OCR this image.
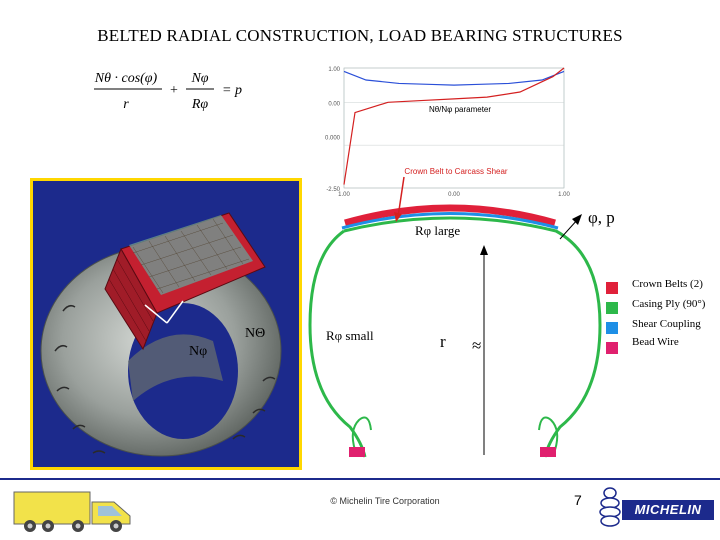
BELTED RADIAL CONSTRUCTION, LOAD BEARING STRUCTURES
Nθ · cos(φ)
r
+
Nφ
Rφ
= p
1.00
0.00
0.000
-2.50
1.00	0.00	1.00
Nθ/Nφ parameter
Crown Belt to Carcass Shear
NΘ
Nφ
φ, p
Rφ large
Rφ small	r ≈
Crown Belts (2)
Casing Ply (90°)
Shear Coupling
Bead Wire
© Michelin Tire Corporation	7
MICHELIN
